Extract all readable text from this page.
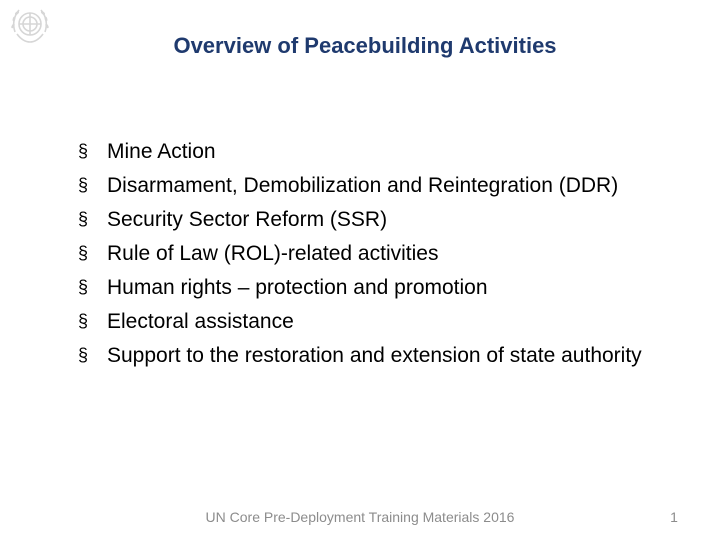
Overview of Peacebuilding Activities
§ Mine Action
§ Disarmament, Demobilization and Reintegration (DDR)
§ Security Sector Reform (SSR)
§ Rule of Law (ROL)-related activities
§ Human rights – protection and promotion
§ Electoral assistance
§ Support to the restoration and extension of state authority
UN Core Pre-Deployment Training Materials 2016	1
